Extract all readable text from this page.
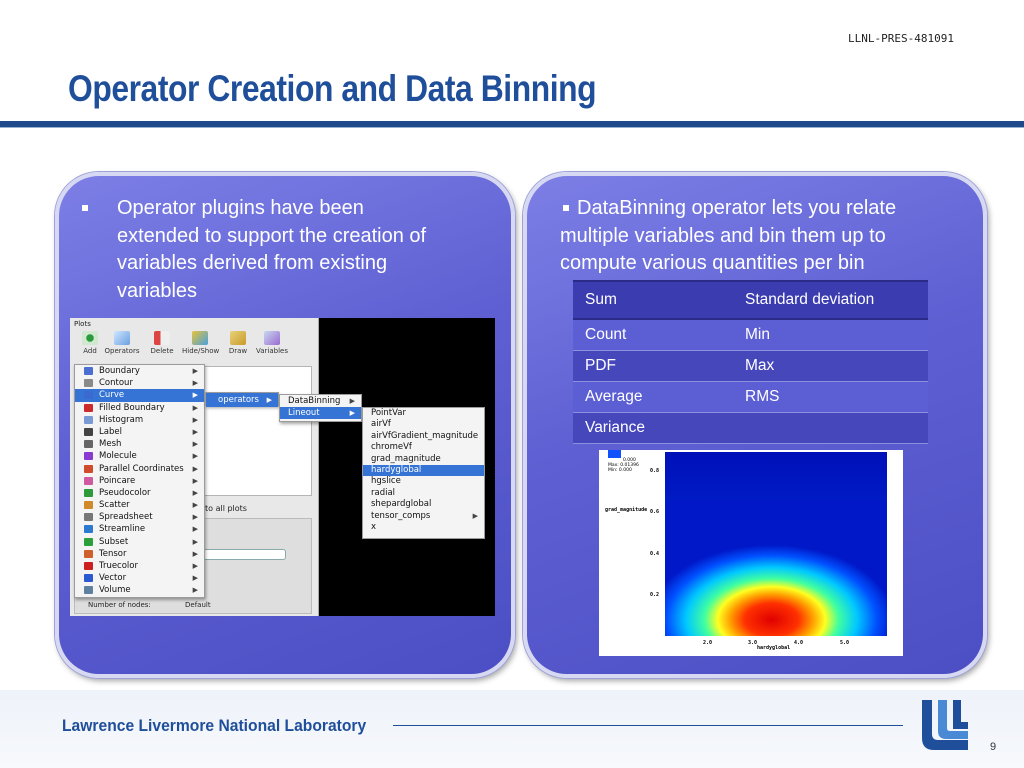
LLNL-PRES-481091
Operator Creation and Data Binning
Operator plugins have been
extended to support the creation of
variables derived from existing
variables
Plots
Add	Operators	Delete	Hide/Show	Draw	Variables
to all plots
Number of nodes:	Default
Boundary	▶
Contour	▶
Curve	▶
Filled Boundary	▶
Histogram	▶
Label	▶
Mesh	▶
Molecule	▶
Parallel Coordinates ▶
Poincare	▶
Pseudocolor	▶
Scatter	▶
Spreadsheet	▶
Streamline	▶
Subset	▶
Tensor	▶
Truecolor	▶
Vector	▶
Volume	▶
operators ▶	DataBinning ▶
Lineout	▶	PointVar
airVf
airVfGradient_magnitude
chromeVf
grad_magnitude
hardyglobal
hgslice
radial
shepardglobal
tensor_comps	▶
x
DataBinning operator lets you relate
multiple variables and bin them up to
compute various quantities per bin
Sum	Standard deviation
Count	Min
PDF	Max
Average	RMS
Variance	
0.000
Max: 0.01396
Min: 0.000
grad_magnitude
0.8
0.6
0.4
0.2
2.0	3.0	4.0	5.0
hardyglobal
Lawrence Livermore National Laboratory
9
